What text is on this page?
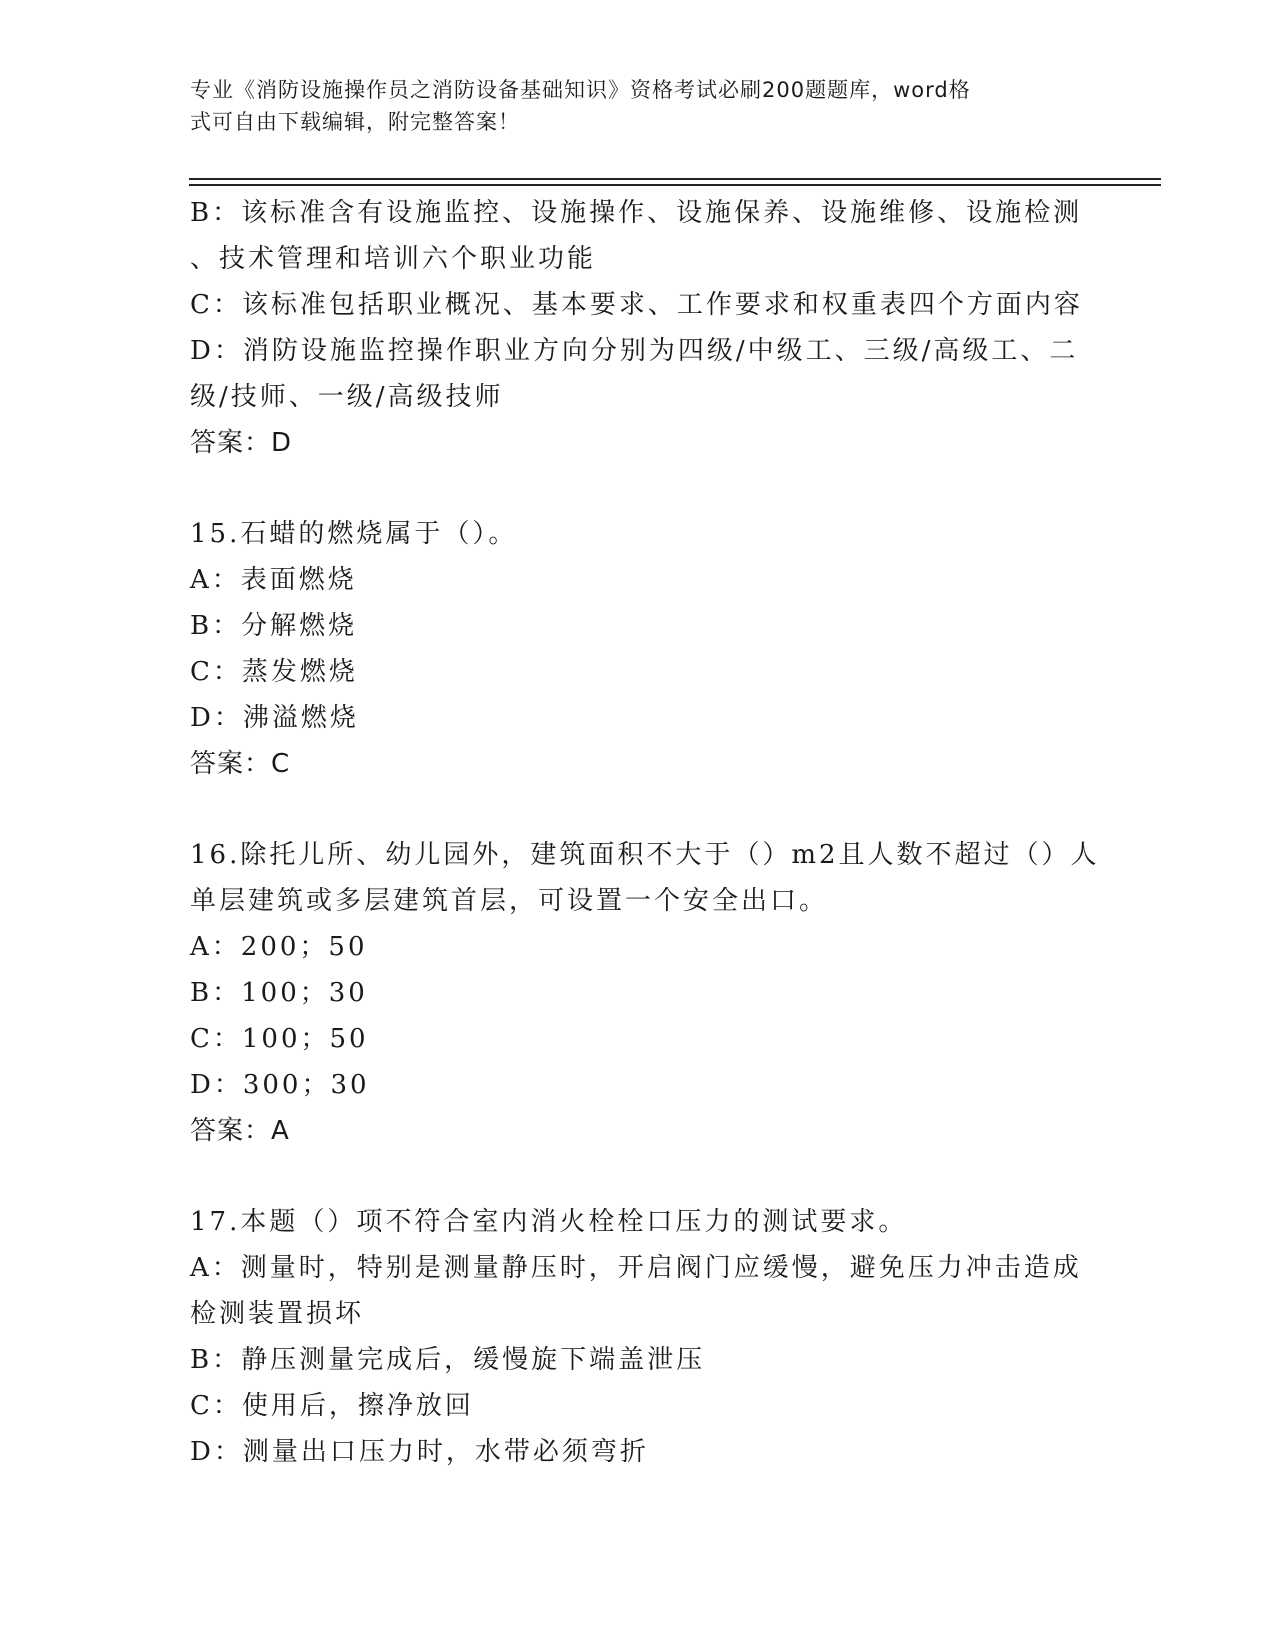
专业《消防设施操作员之消防设备基础知识》资格考试必刷200题题库，word格
式可自由下载编辑，附完整答案！
B：该标准含有设施监控、设施操作、设施保养、设施维修、设施检测
、技术管理和培训六个职业功能
C：该标准包括职业概况、基本要求、工作要求和权重表四个方面内容
D：消防设施监控操作职业方向分别为四级/中级工、三级/高级工、二
级/技师、一级/高级技师
答案：D
15.石蜡的燃烧属于（）。
A：表面燃烧
B：分解燃烧
C：蒸发燃烧
D：沸溢燃烧
答案：C
16.除托儿所、幼儿园外，建筑面积不大于（）m2且人数不超过（）人
单层建筑或多层建筑首层，可设置一个安全出口。
A：200；50
B：100；30
C：100；50
D：300；30
答案：A
17.本题（）项不符合室内消火栓栓口压力的测试要求。
A：测量时，特别是测量静压时，开启阀门应缓慢，避免压力冲击造成
检测装置损坏
B：静压测量完成后，缓慢旋下端盖泄压
C：使用后，擦净放回
D：测量出口压力时，水带必须弯折
